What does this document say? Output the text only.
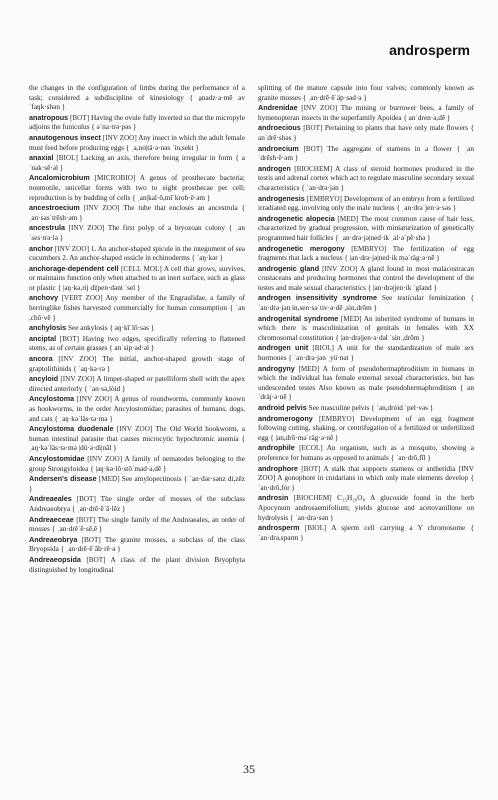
androsperm

the changes in the configuration of limbs during the performance of a task; considered a subdiscipline of kinesiology { a̤naǳ·a·mē av ˈfaŋk·shən }

anatropous [BOT] Having the ovule fully inverted so that the micropyle adjoins the funiculus { əˈna·trə·pəs }

anautogenous insect [INV ZOO] Any insect in which the adult female must feed before producing eggs { ˌa,nȯ|tä·ə·nəs ˈin,sekt }

anaxial [BIOL] Lacking an axis, therefore being irregular in form { aˈnak·sē·əl }

Ancalomicrobium [MICROBIO] A genus of prosthecate bacteria; nonmotile, unicellar forms with two to eight prosthecae per cell; reproduction is by budding of cells { ˌan|kal·ō,mīˈkrob·ē·əm }

ancestroecium [INV ZOO] The tube that encloses an ancestrula { ˌan·sasˈtrēsh·əm }

ancestrula [INV ZOO] The first polyp of a bryozoan colony { ˌanˈses·trə·lə }

anchor [INV ZOO] 1. An anchor-shaped spicule in the integument of sea cucumbers 2. An anchor-shaped ossicle in echinoderms { ˈaŋ·kər }

anchorage-dependent cell [CELL MOL] A cell that grows, survives, or maintains function only when attached to an inert surface, such as glass or plastic { |aŋ·kə,rij di|pen·dənt ˈsel }

anchovy [VERT ZOO] Any member of the Engraulidae, a family of herringlike fishes harvested commercially for human consumption { ˈan ,chō·vē }

anchylosis See ankylosis { aŋ·kīˈlō·səs }

anciptal [BOT] Having two edges, specifically referring to flattened stems, as of certain grasses { anˈsip·əd·əl }

ancora [INV ZOO] The initial, anchor-shaped growth stage of graptolithinids { ˈaŋ·kə·rə }

ancyloid [INV ZOO] A limpet-shaped or patelliform shell with the apex directed anteriorly { ˈan·sə,lȯid }

Ancylostoma [INV ZOO] A genus of roundworms, commonly known as hookworms, in the order Ancylostomidae; parasites of humans, dogs, and cats { ˌaŋ·kəˈläs·tə·mə }

Ancylostoma duodenale [INV ZOO] The Old World hookworm, a human intestinal parasite that causes microcytic hypochromic anemia { ˌaŋ·kəˈläs·tə·mə |dü·ə·di|nāl }

Ancylostomidae [INV ZOO] A family of nematodes belonging to the group Strongyloidea { |aŋ·kə·lō·stōˈmad·ə,dē }

Andersen's disease [MED] See amylopectinosis { ˈan·dər·sənz di,zēz }

Andreaeales [BOT] The single order of mosses of the subclass Andreaeobrya { ˌan·drē·ēˈā·lēz }

Andreaeceae [BOT] The single family of the Andreaeales, an order of mosses { ˌan·drēˈē·sē,ē }

Andreaeobrya [BOT] The granite mosses, a subclass of the class Bryopsida { ˌan·drē·ēˈāb·rē·ə }

Andreaeopsida [BOT] A class of the plant division Bryophyta distinguished by longitudinal

splitting of the mature capsule into four valves; commonly known as granite mosses { ˌan·drē·ēˈäp·səd·ə }

Andrenidae [INV ZOO] The mining or burrower bees, a family of hymenopteran insects in the superfamily Apoidea { anˈdren·ə,dē }

androecious [BOT] Pertaining to plants that have only male flowers { anˈdrē·shəs }

androecium [BOT] The aggregate of stamens in a flower { ˌanˈdrēsh·ē·əm }

androgen [BIOCHEM] A class of steroid hormones produced in the testis and adrenal cortex which act to regulate masculine secondary sexual characteristics { ˈan·drə·jən }

androgenesis [EMBRYO] Development of an embryo from a fertilized irradiated egg, involving only the male nucleus { ˌan·drəˈjen·ə·səs }

androgenetic alopecia [MED] The most common cause of hair loss, characterized by gradual progression, with miniaturization of genetically programmed hair follicles { ˌan·drə·jə|ned·ik ˌal·əˈpē·shə }

androgenetic merogony [EMBRYO] The fertilization of egg fragments that lack a nucleus { |an·drə·jə|ned·ik məˈräg·ə·nē }

androgenic gland [INV ZOO] A gland found in most malacostracan crustaceans and producing hormones that control the development of the testes and male sexual characteristics { |an·drə|jen·ik ˈgland }

androgen insensitivity syndrome See testicular feminization { ˈan·drə·jən in,sen·səˈtiv·ə·dē ,sin,drōm }

androgenital syndrome [MED] An inherited syndrome of humans in which there is masculinization of genitals in females with XX chromosomal constitution { |an·drə|jen·ə·dəl ˈsin ,drōm }

androgen unit [BIOL] A unit for the standardization of male sex hormones { ˈan·drə·jən ˌyü·nət }

androgyny [MED] A form of pseudohermaphroditism in humans in which the individual has female external sexual characteristics, but has undescended testes Also known as male pseudohermaphroditism { anˈdräj·ə·nē }

android pelvis See masculine pelvis { ˈan,drȯid ˈpel·vəs }

andromerogony [EMBRYO] Development of an egg fragment following cutting, shaking, or centrifugation of a fertilized or unfertilized egg { |an,drō·məˈräg·ə·nē }

androphile [ECOL] An organism, such as a mosquito, showing a preference for humans as opposed to animals { ˈan·drō,fīl }

androphore [BOT] A stalk that supports stamens or antheridia [INV ZOO] A gonophore in cnidarians in which only male elements develop { ˈan·drō,fȯr }

androsin [BIOCHEM] C₁₅H₂₀O₈ A glucoside found in the herb Apocynum androsaemifolium; yields glucose and acetovanillone on hydrolysis { ˈan·drə·sən }

androsperm [BIOL] A sperm cell carrying a Y chromosome { ˈan·drə,spərm }

35
